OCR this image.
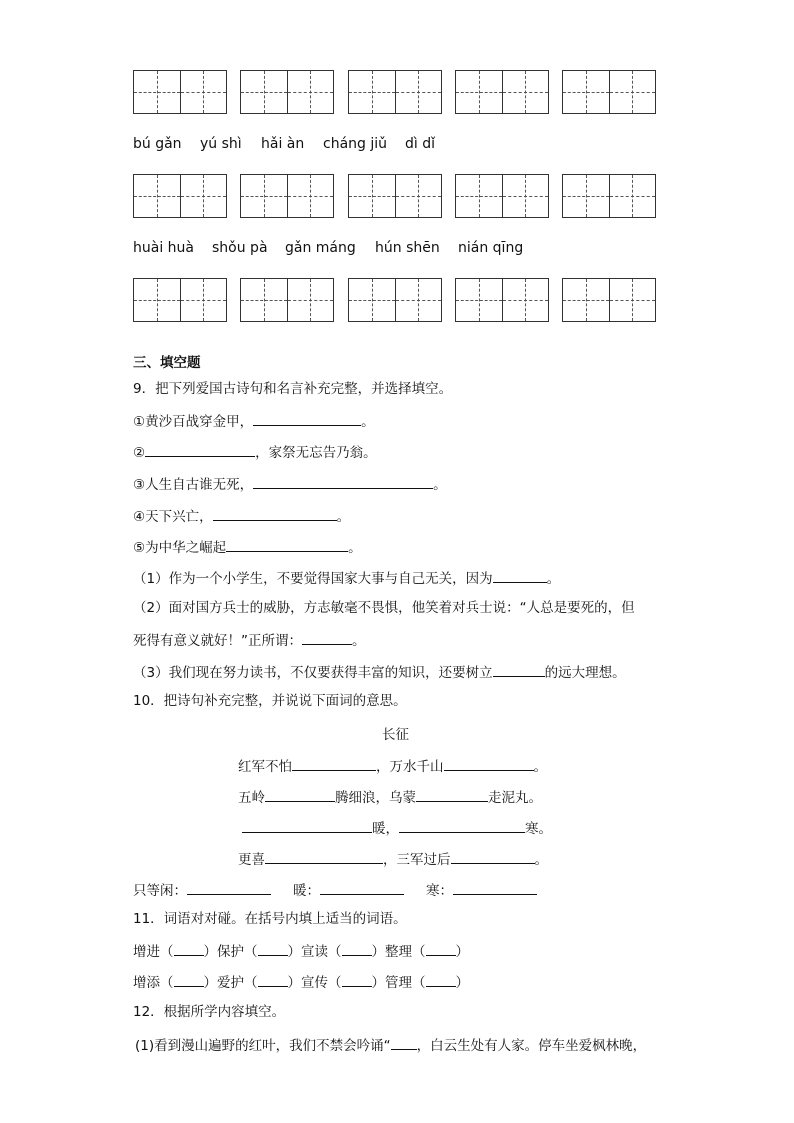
bú gǎn yú shì hǎi àn cháng jiǔ dì dǐ
huài huà shǒu pà gǎn máng hún shēn nián qīng
三、填空题
9．把下列爱国古诗句和名言补充完整，并选择填空。
①黄沙百战穿金甲，	。
②	，家祭无忘告乃翁。
③人生自古谁无死，	。
④天下兴亡，	。
⑤为中华之崛起	。
（1）作为一个小学生，不要觉得国家大事与自己无关，因为	。
（2）面对国方兵士的威胁，方志敏毫不畏惧，他笑着对兵士说：“人总是要死的，但
死得有意义就好！”正所谓：	。
（3）我们现在努力读书，不仅要获得丰富的知识，还要树立	的远大理想。
10．把诗句补充完整，并说说下面词的意思。
长征
红军不怕	，万水千山	。
五岭	腾细浪，乌蒙	走泥丸。
暖，	寒。
更喜	，三军过后	。
只等闲：	暖：	寒：
11．词语对对碰。在括号内填上适当的词语。
增进（ ）保护（ ）宣读（ ）整理（ ）
增添（ ）爱护（ ）宣传（ ）管理（ ）
12．根据所学内容填空。
(1)看到漫山遍野的红叶，我们不禁会吟诵“ ，白云生处有人家。停车坐爱枫林晚，
